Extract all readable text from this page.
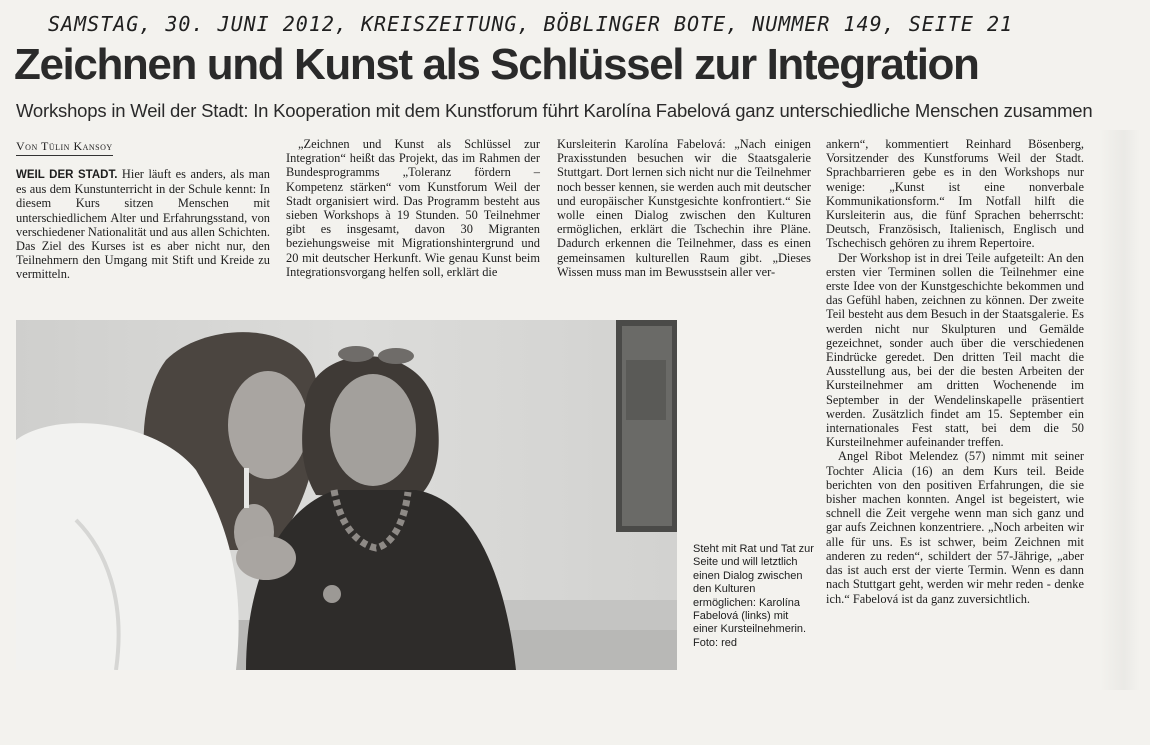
SAMSTAG, 30. JUNI 2012, KREISZEITUNG, BÖBLINGER BOTE, NUMMER 149, SEITE 21
Zeichnen und Kunst als Schlüssel zur Integration
Workshops in Weil der Stadt: In Kooperation mit dem Kunstforum führt Karolína Fabelová ganz unterschiedliche Menschen zusammen
Von Tülin Kansoy

WEIL DER STADT. Hier läuft es anders, als man es aus dem Kunstunterricht in der Schule kennt: In diesem Kurs sitzen Menschen mit unterschiedlichem Alter und Erfahrungsstand, von verschiedener Nationalität und aus allen Schichten. Das Ziel des Kurses ist es aber nicht nur, den Teilnehmern den Umgang mit Stift und Kreide zu vermitteln.

„Zeichnen und Kunst als Schlüssel zur Integration“ heißt das Projekt, das im Rahmen der Bundesprogramms „Toleranz fördern – Kompetenz stärken“ vom Kunstforum Weil der Stadt organisiert wird. Das Programm besteht aus sieben Workshops à 19 Stunden. 50 Teilnehmer gibt es insgesamt, davon 30 Migranten beziehungsweise mit Migrationshintergrund und 20 mit deutscher Herkunft. Wie genau Kunst beim Integrationsvorgang helfen soll, erklärt die

Kursleiterin Karolína Fabelová: „Nach einigen Praxisstunden besuchen wir die Staatsgalerie Stuttgart. Dort lernen sich nicht nur die Teilnehmer noch besser kennen, sie werden auch mit deutscher und europäischer Kunstgesichte konfrontiert.“ Sie wolle einen Dialog zwischen den Kulturen ermöglichen, erklärt die Tschechin ihre Pläne. Dadurch erkennen die Teilnehmer, dass es einen gemeinsamen kulturellen Raum gibt. „Dieses Wissen muss man im Bewusstsein aller ver-

ankern“, kommentiert Reinhard Bösenberg, Vorsitzender des Kunstforums Weil der Stadt. Sprachbarrieren gebe es in den Workshops nur wenige: „Kunst ist eine nonverbale Kommunikationsform.“ Im Notfall hilft die Kursleiterin aus, die fünf Sprachen beherrscht: Deutsch, Französisch, Italienisch, Englisch und Tschechisch gehören zu ihrem Repertoire.

Der Workshop ist in drei Teile aufgeteilt: An den ersten vier Terminen sollen die Teilnehmer eine erste Idee von der Kunstgeschichte bekommen und das Gefühl haben, zeichnen zu können. Der zweite Teil besteht aus dem Besuch in der Staatsgalerie. Es werden nicht nur Skulpturen und Gemälde gezeichnet, sonder auch über die verschiedenen Eindrücke geredet. Den dritten Teil macht die Ausstellung aus, bei der die besten Arbeiten der Kursteilnehmer am dritten Wochenende im September in der Wendelinskapelle präsentiert werden. Zusätzlich findet am 15. September ein internationales Fest statt, bei dem die 50 Kursteilnehmer aufeinander treffen.

Angel Ribot Melendez (57) nimmt mit seiner Tochter Alicia (16) an dem Kurs teil. Beide berichten von den positiven Erfahrungen, die sie bisher machen konnten. Angel ist begeistert, wie schnell die Zeit vergehe wenn man sich ganz und gar aufs Zeichnen konzentriere. „Noch arbeiten wir alle für uns. Es ist schwer, beim Zeichnen mit anderen zu reden“, schildert der 57-Jährige, „aber das ist auch erst der vierte Termin. Wenn es dann nach Stuttgart geht, werden wir mehr reden - denke ich.“ Fabelová ist da ganz zuversichtlich.

Steht mit Rat und Tat zur Seite und will letztlich einen Dialog zwischen den Kulturen ermöglichen: Karolína Fabelová (links) mit einer Kursteilnehmerin.
Foto: red
